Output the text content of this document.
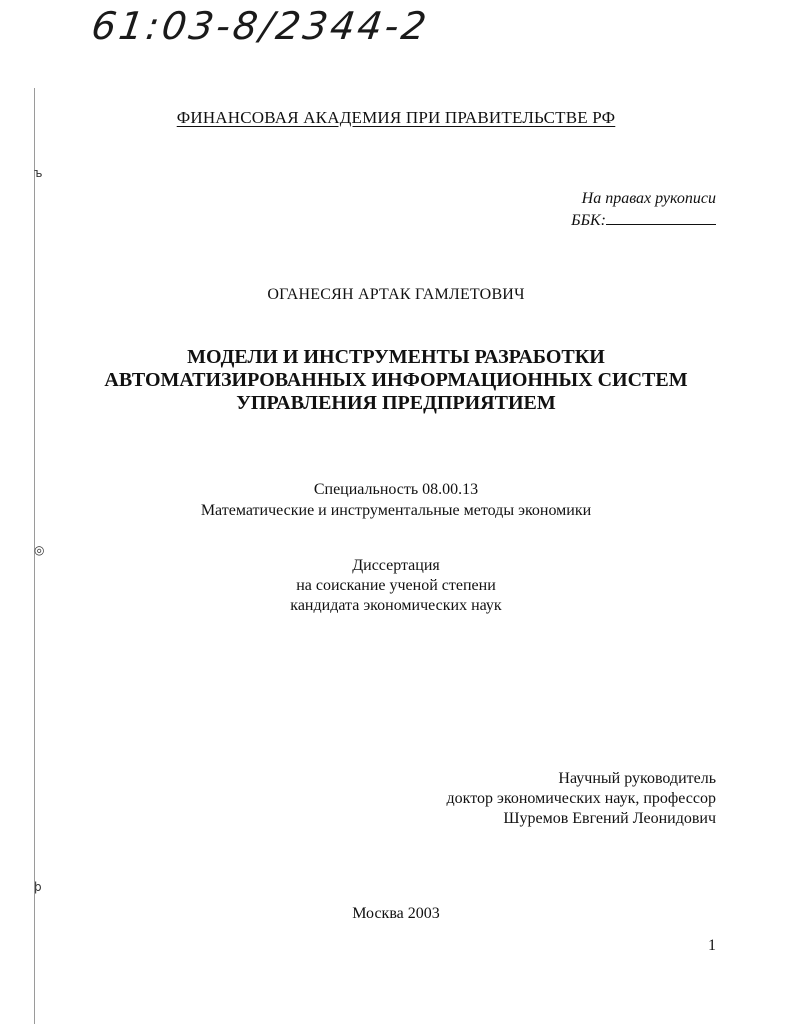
61:03-8/2344-2
ъ
◎
ϸ
ФИНАНСОВАЯ АКАДЕМИЯ ПРИ ПРАВИТЕЛЬСТВЕ РФ
На правах рукописи
ББК:
ОГАНЕСЯН АРТАК ГАМЛЕТОВИЧ
МОДЕЛИ И ИНСТРУМЕНТЫ РАЗРАБОТКИ
АВТОМАТИЗИРОВАННЫХ ИНФОРМАЦИОННЫХ СИСТЕМ
УПРАВЛЕНИЯ ПРЕДПРИЯТИЕМ
Специальность 08.00.13
Математические и инструментальные методы экономики
Диссертация
на соискание ученой степени
кандидата экономических наук
Научный руководитель
доктор экономических наук, профессор
Шуремов Евгений Леонидович
Москва 2003
1
